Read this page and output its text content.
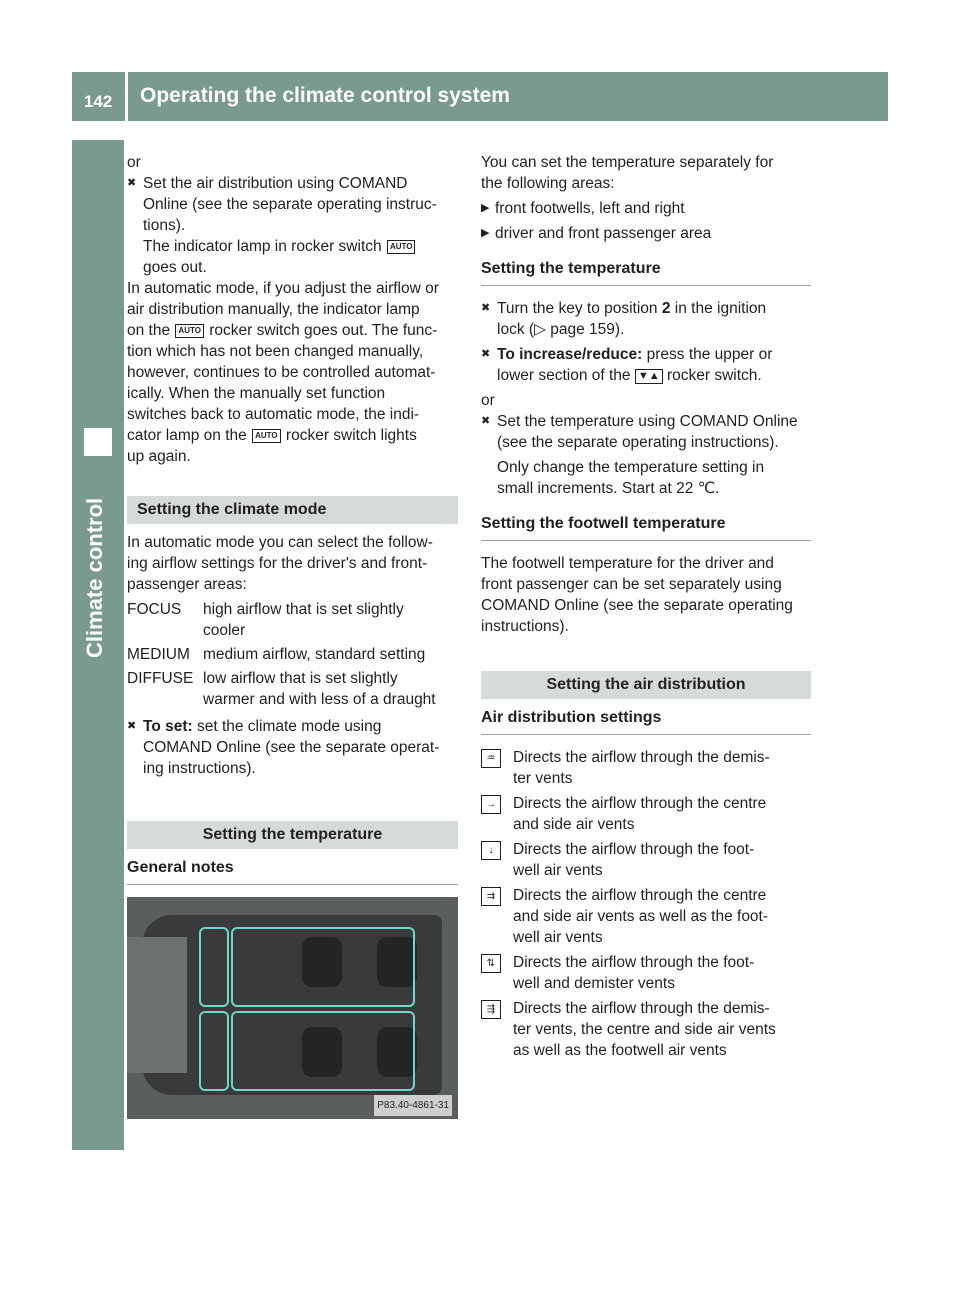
142	Operating the climate control system
Climate control

or

✖ Set the air distribution using COMAND
Online (see the separate operating instruc-
tions).
The indicator lamp in rocker switch AUTO
goes out.
In automatic mode, if you adjust the airflow or
air distribution manually, the indicator lamp
on the AUTO rocker switch goes out. The func-
tion which has not been changed manually,
however, continues to be controlled automat-
ically. When the manually set function
switches back to automatic mode, the indi-
cator lamp on the AUTO rocker switch lights
up again.
Setting the climate mode
In automatic mode you can select the follow-
ing airflow settings for the driver's and front-
passenger areas:
FOCUS	high airflow that is set slightly
cooler
MEDIUM medium airflow, standard setting
DIFFUSE low airflow that is set slightly
warmer and with less of a draught
✖ To set: set the climate mode using
COMAND Online (see the separate operat-
ing instructions).
Setting the temperature
General notes
P83.40-4861-31
You can set the temperature separately for
the following areas:
▶ front footwells, left and right
▶ driver and front passenger area
Setting the temperature
✖ Turn the key to position 2 in the ignition
lock (▷ page 159).
✖ To increase/reduce: press the upper or
lower section of the ▼▲ rocker switch.
or
✖ Set the temperature using COMAND Online
(see the separate operating instructions).
Only change the temperature setting in
small increments. Start at 22 ℃.
Setting the footwell temperature
The footwell temperature for the driver and
front passenger can be set separately using
COMAND Online (see the separate operating
instructions).
Setting the air distribution
Air distribution settings
♒	Directs the airflow through the demis-
ter vents
→	Directs the airflow through the centre
and side air vents
↓	Directs the airflow through the foot-
well air vents
⇉	Directs the airflow through the centre
and side air vents as well as the foot-
well air vents
⇅	Directs the airflow through the foot-
well and demister vents
⇶	Directs the airflow through the demis-
ter vents, the centre and side air vents
as well as the footwell air vents
